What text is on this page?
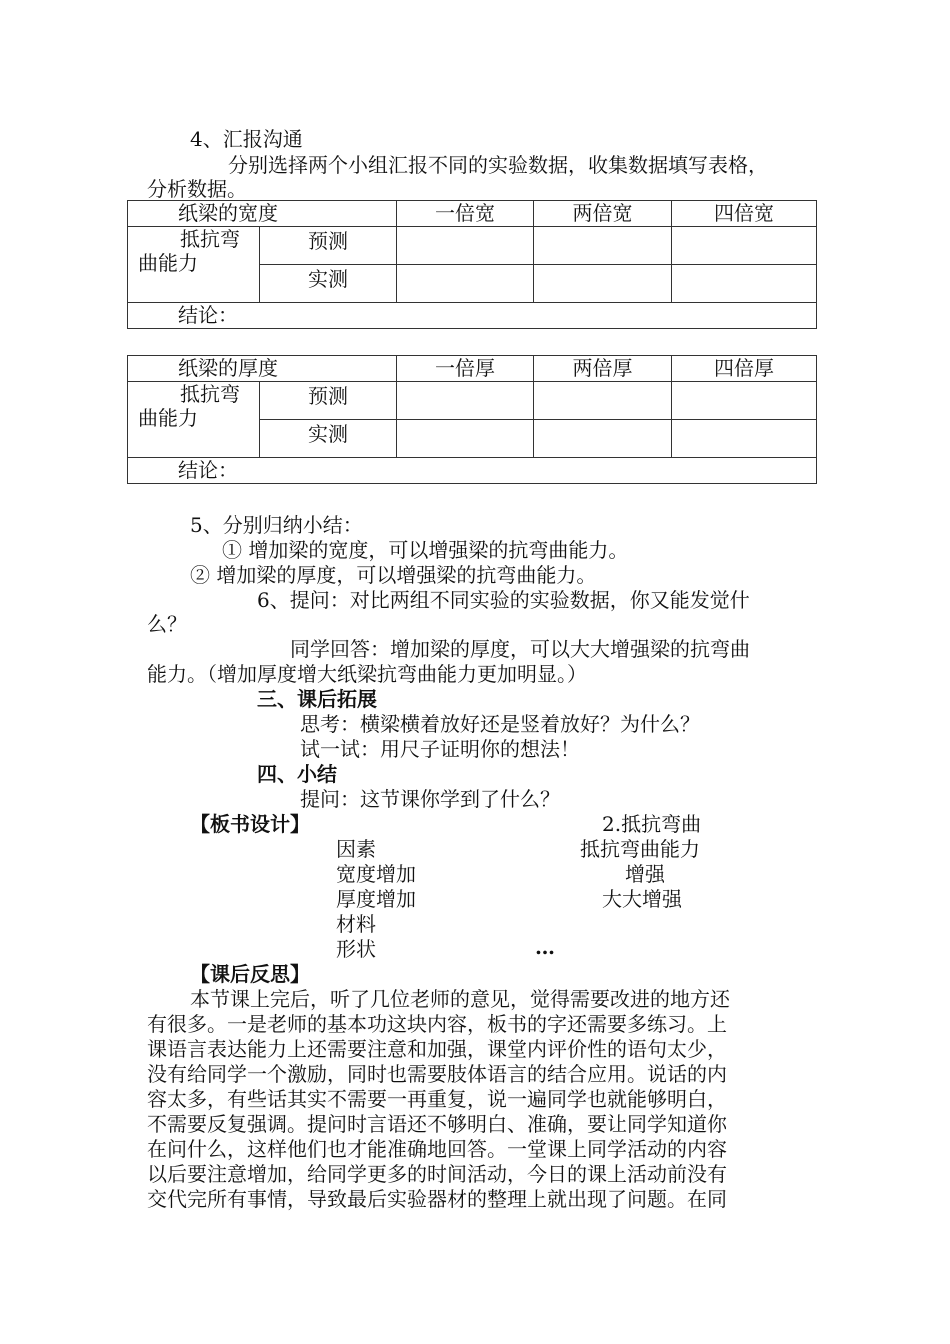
4、汇报沟通
分别选择两个小组汇报不同的实验数据，收集数据填写表格，
分析数据。
纸梁的宽度		一倍宽	两倍宽	四倍宽

抵抗弯
曲能力	预测			
	实测			
结论：				
纸梁的厚度		一倍厚	两倍厚	四倍厚

抵抗弯
曲能力	预测			
	实测			
结论：				
5、分别归纳小结：
① 增加梁的宽度，可以增强梁的抗弯曲能力。
② 增加梁的厚度，可以增强梁的抗弯曲能力。
6、提问：对比两组不同实验的实验数据，你又能发觉什
么？
同学回答：增加梁的厚度，可以大大增强梁的抗弯曲
能力。（增加厚度增大纸梁抗弯曲能力更加明显。）
三、课后拓展
思考：横梁横着放好还是竖着放好？为什么？
试一试：用尺子证明你的想法！
四、小结
提问：这节课你学到了什么？
【板书设计】	2.抵抗弯曲
因素	抵抗弯曲能力
宽度增加	增强
厚度增加	大大增强
材料
形状	…
【课后反思】
本节课上完后，听了几位老师的意见，觉得需要改进的地方还
有很多。一是老师的基本功这块内容，板书的字还需要多练习。上
课语言表达能力上还需要注意和加强，课堂内评价性的语句太少，
没有给同学一个激励，同时也需要肢体语言的结合应用。说话的内
容太多，有些话其实不需要一再重复，说一遍同学也就能够明白，
不需要反复强调。提问时言语还不够明白、准确，要让同学知道你
在问什么，这样他们也才能准确地回答。一堂课上同学活动的内容
以后要注意增加，给同学更多的时间活动，今日的课上活动前没有
交代完所有事情，导致最后实验器材的整理上就出现了问题。在同
